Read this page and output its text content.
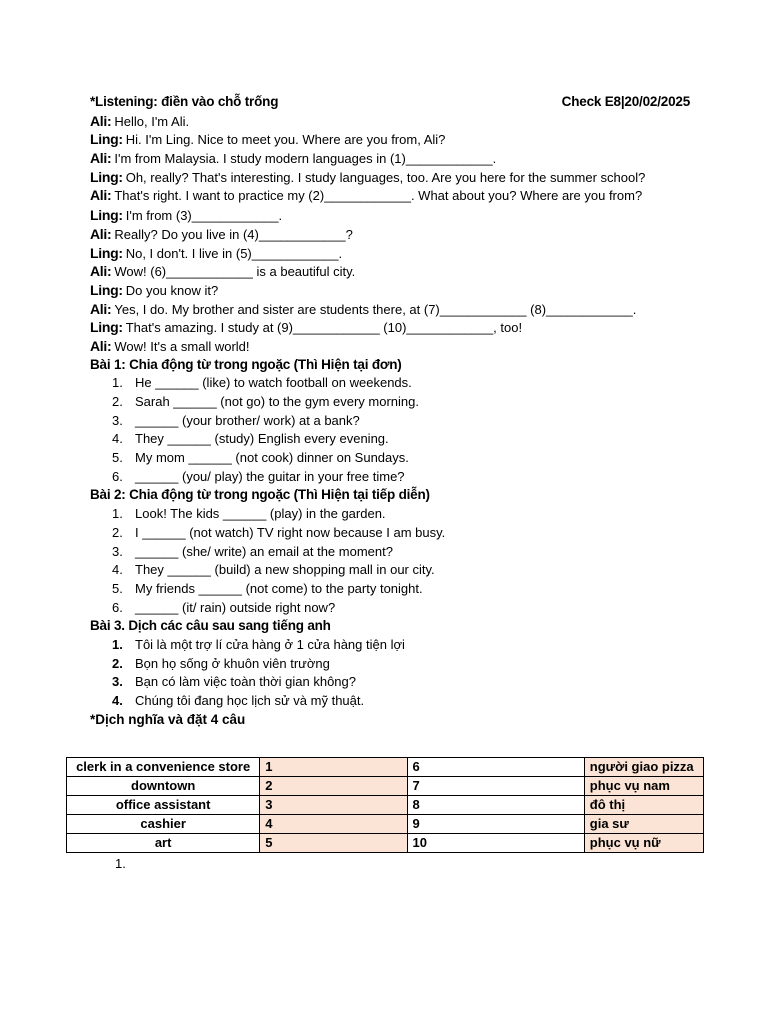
*Listening: điền vào chỗ trống	Check E8|20/02/2025
Ali: Hello, I'm Ali.
Ling: Hi. I'm Ling. Nice to meet you. Where are you from, Ali?
Ali: I'm from Malaysia. I study modern languages in (1)____________.
Ling: Oh, really? That's interesting. I study languages, too. Are you here for the summer school?
Ali: That's right. I want to practice my (2)____________. What about you? Where are you from?
Ling: I'm from (3)____________.
Ali: Really? Do you live in (4)____________?
Ling: No, I don't. I live in (5)____________.
Ali: Wow! (6)____________ is a beautiful city.
Ling: Do you know it?
Ali: Yes, I do. My brother and sister are students there, at (7)____________ (8)____________.
Ling: That's amazing. I study at (9)____________ (10)____________, too!
Ali: Wow! It's a small world!
Bài 1: Chia động từ trong ngoặc (Thì Hiện tại đơn)
1. He ______ (like) to watch football on weekends.
2. Sarah ______ (not go) to the gym every morning.
3. ______ (your brother/ work) at a bank?
4. They ______ (study) English every evening.
5. My mom ______ (not cook) dinner on Sundays.
6. ______ (you/ play) the guitar in your free time?
Bài 2: Chia động từ trong ngoặc (Thì Hiện tại tiếp diễn)
1. Look! The kids ______ (play) in the garden.
2. I ______ (not watch) TV right now because I am busy.
3. ______ (she/ write) an email at the moment?
4. They ______ (build) a new shopping mall in our city.
5. My friends ______ (not come) to the party tonight.
6. ______ (it/ rain) outside right now?
Bài 3. Dịch các câu sau sang tiếng anh
1. Tôi là một trợ lí cửa hàng ở 1 cửa hàng tiện lợi
2. Bọn họ sống ở khuôn viên trường
3. Bạn có làm việc toàn thời gian không?
4. Chúng tôi đang học lịch sử và mỹ thuật.
*Dịch nghĩa và đặt 4 câu
clerk in a convenience store	1	6	người giao pizza
downtown	2	7	phục vụ nam
office assistant	3	8	đô thị
cashier	4	9	gia sư
art	5	10	phục vụ nữ
1.
